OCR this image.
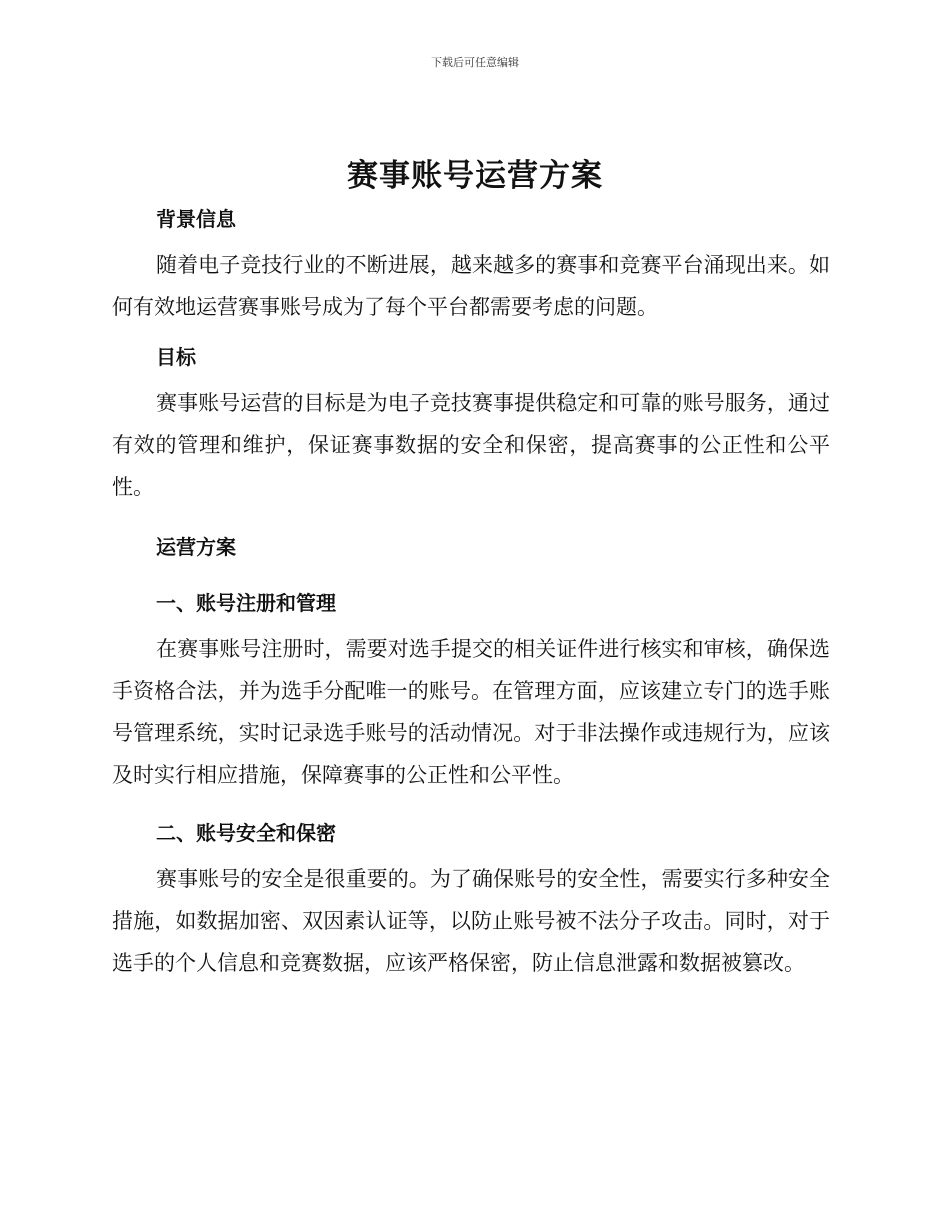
下载后可任意编辑
赛事账号运营方案

背景信息

随着电子竞技行业的不断进展，越来越多的赛事和竞赛平台涌现出来。如何有效地运营赛事账号成为了每个平台都需要考虑的问题。

目标

赛事账号运营的目标是为电子竞技赛事提供稳定和可靠的账号服务，通过有效的管理和维护，保证赛事数据的安全和保密，提高赛事的公正性和公平性。

运营方案

一、账号注册和管理

在赛事账号注册时，需要对选手提交的相关证件进行核实和审核，确保选手资格合法，并为选手分配唯一的账号。在管理方面，应该建立专门的选手账号管理系统，实时记录选手账号的活动情况。对于非法操作或违规行为，应该及时实行相应措施，保障赛事的公正性和公平性。

二、账号安全和保密

赛事账号的安全是很重要的。为了确保账号的安全性，需要实行多种安全措施，如数据加密、双因素认证等，以防止账号被不法分子攻击。同时，对于选手的个人信息和竞赛数据，应该严格保密，防止信息泄露和数据被篡改。
